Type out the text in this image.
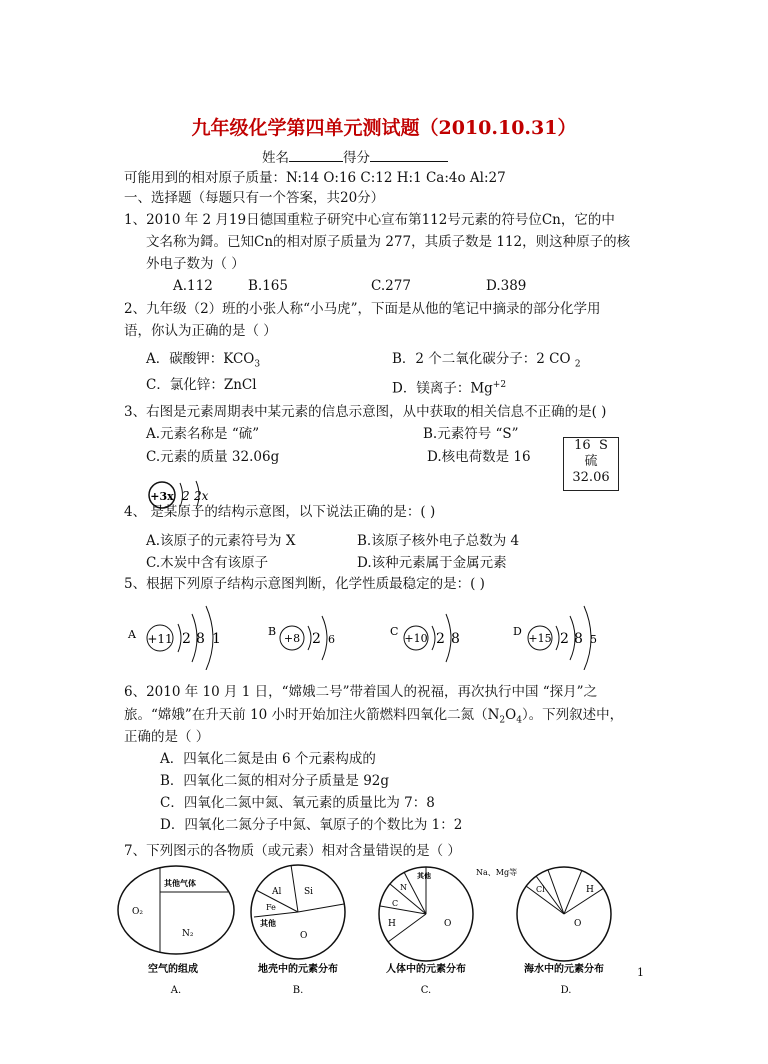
九年级化学第四单元测试题（2010.10.31）
姓名	得分
可能用到的相对原子质量：N:14 O:16 C:12 H:1 Ca:4o Al:27
一、选择题（每题只有一个答案，共20分）
1、2010 年 2 月19日德国重粒子研究中心宣布第112号元素的符号位Cn，它的中
文名称为鎶。已知Cn的相对原子质量为 277，其质子数是 112，则这种原子的核
外电子数为（ ）
A.112	B.165	C.277	D.389
2、九年级（2）班的小张人称“小马虎”，下面是从他的笔记中摘录的部分化学用
语，你认为正确的是（ ）
A．碳酸钾：$KCO_3$	B．2 个二氧化碳分子：2 CO $_2$
C．氯化锌：ZnCl	D．镁离子：$Mg^{+2}$
3、右图是元素周期表中某元素的信息示意图，从中获取的相关信息不正确的是( )
A.元素名称是 “硫”	B.元素符号 “S”
C.元素的质量 32.06g	D.核电荷数是 16
16 S
硫
32.06
+3x 2 2x
4、 是某原子的结构示意图，以下说法正确的是：( )
A.该原子的元素符号为 X	B.该原子核外电子总数为 4
C.木炭中含有该原子	D.该种元素属于金属元素
5、根据下列原子结构示意图判断，化学性质最稳定的是：( )
A +11 2 8 1	B
+8 2 6
C
+10 2 8	D
+15 2 8 5
6、2010 年 10 月 1 日，“嫦娥二号”带着国人的祝福，再次执行中国 “探月”之
旅。“嫦娥”在升天前 10 小时开始加注火箭燃料四氧化二氮$(N_2O_4)$。下列叙述中，
正确的是（ ）
A．四氧化二氮是由 6 个元素构成的
B．四氧化二氮的相对分子质量是 92g
C．四氧化二氮中氮、氧元素的质量比为 7：8
D．四氧化二氮分子中氮、氧原子的个数比为 1：2
7、下列图示的各物质（或元素）相对含量错误的是（ ）
其他气体
O₂
N₂
空气的组成
A.
Al	Si
Fe
其他
O
地壳中的元素分布
B.
其他
N
C
H	O
人体中的元素分布
C.
Na、Mg等
Cl	H
O
海水中的元素分布
D.
1
